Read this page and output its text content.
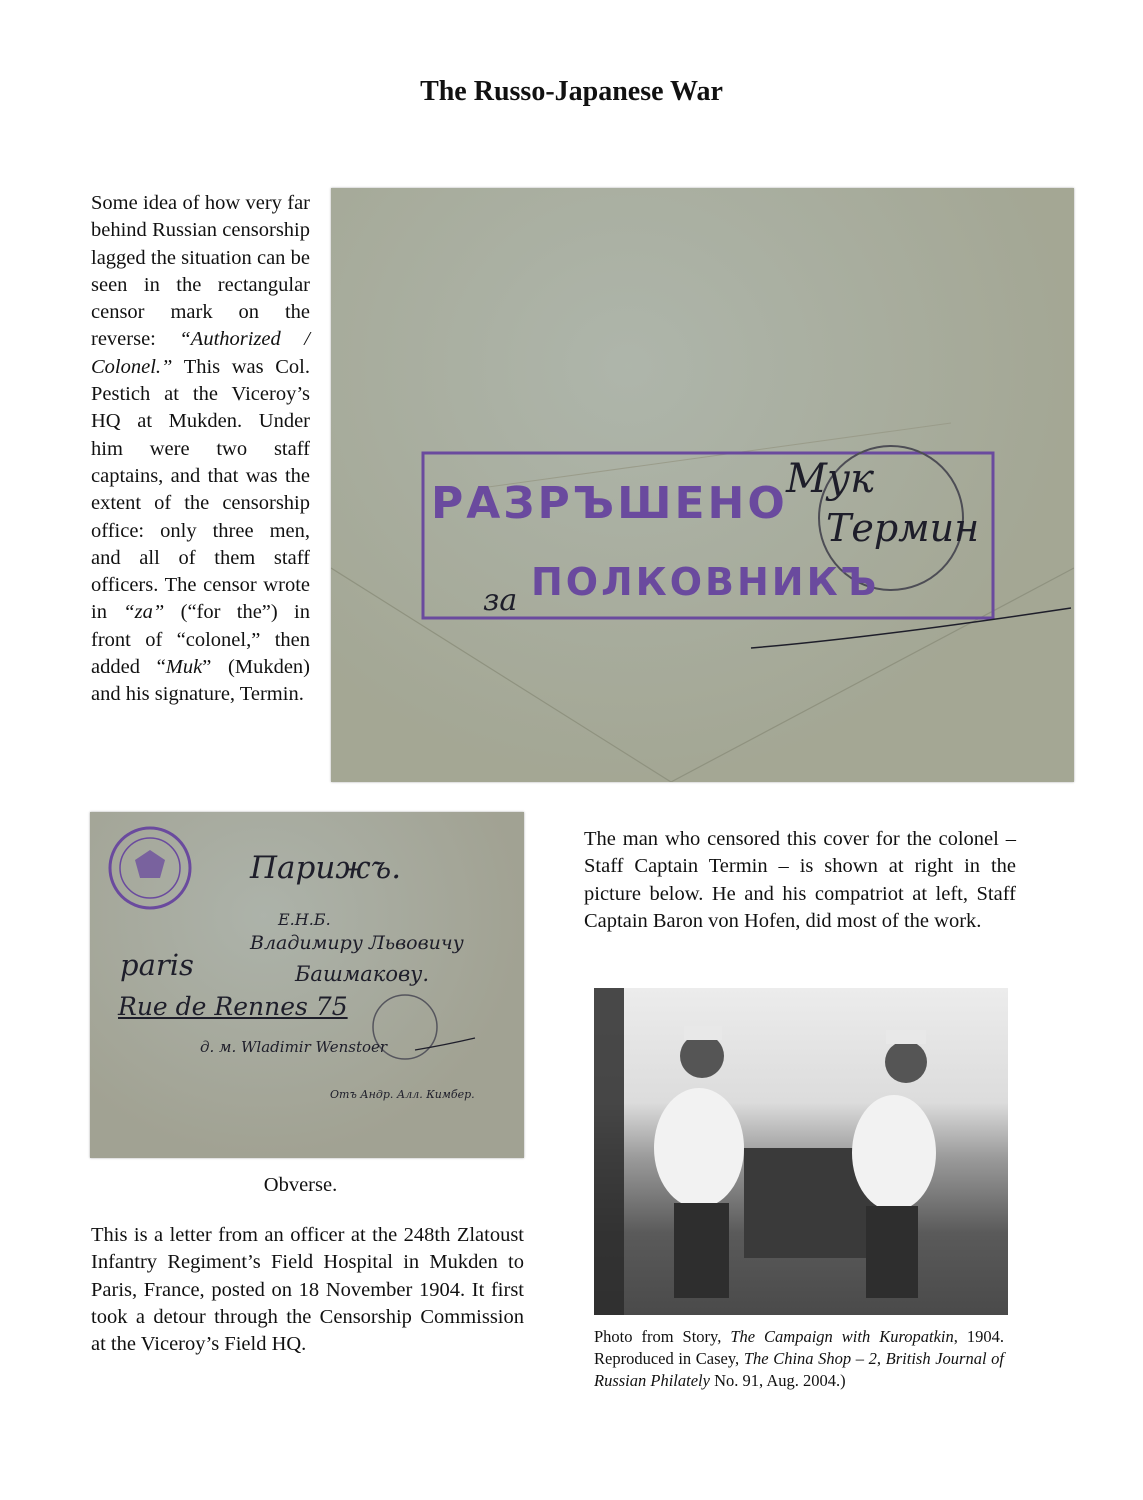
The Russo-Japanese War

Some idea of how very far behind Russian censorship lagged the situation can be seen in the rectangular censor mark on the reverse: “Authorized / Colonel.” This was Col. Pestich at the Viceroy’s HQ at Mukden. Under him were two staff captains, and that was the extent of the censorship office: only three men, and all of them staff officers. The censor wrote in “za” (“for the”) in front of “colonel,” then added “Muk” (Mukden) and his signature, Termin.

РАЗРЪШЕНО
ПОЛКОВНИКЪ
за
Мук
Термин
Парижъ.
Е.Н.Б.
Владимиру Львовичу
Башмакову.
paris
Rue de Rennes 75
д. м. Wladimir Wenstoer
Отъ Андр. Алл. Кимбер.
Obverse.

This is a letter from an officer at the 248th Zlatoust Infantry Regiment’s Field Hospital in Mukden to Paris, France, posted on 18 November 1904. It first took a detour through the Censorship Commission at the Viceroy’s Field HQ.

The man who censored this cover for the colonel – Staff Captain Termin – is shown at right in the picture below. He and his compatriot at left, Staff Captain Baron von Hofen, did most of the work.

Photo from Story, The Campaign with Kuropatkin, 1904. Reproduced in Casey, The China Shop – 2, British Journal of Russian Philately No. 91, Aug. 2004.)
